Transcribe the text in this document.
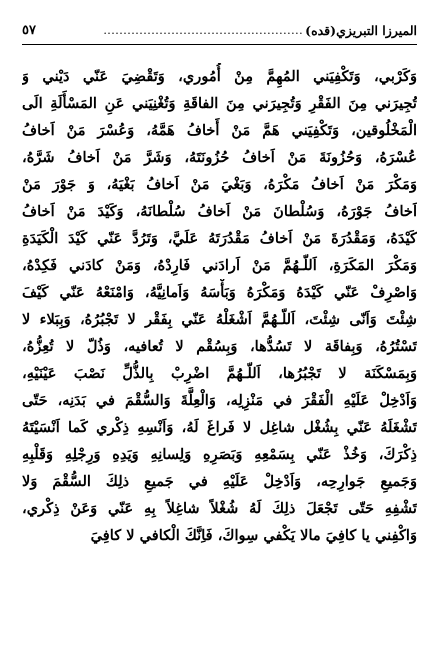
الميرزا التبريزي(قده)
..................................................
٥٧
وَكَرْبي، وَتَكْفِيَني المُهِمَّ مِنْ أُمُوري، وَتَقْضِيَ عَنّي دَيْني وَ
تُجِيرَني مِنَ الفَقْرِ وَتُجِيرَني مِنَ الفاقَةِ وَتُغْنِيَني عَنِ المَسْأَلَةِ الَى
الْمَخْلُوقين، وَتَكْفِيَني هَمَّ مَنْ أَخافُ هَمَّهُ، وَعُسْرَ مَنْ اَخافُ
عُسْرَهُ، وَحُزُونَةَ مَنْ اَخافُ حُزُونَتَهُ، وَشَرَّ مَنْ اَخافُ شَرَّهُ،
وَمَكْرَ مَنْ اَخافُ مَكْرَهُ، وَبَغْيَ مَنْ اَخافُ بَغْيَهُ، وَ جَوْرَ مَنْ
اَخافُ جَوْرَهُ، وَسُلْطانَ مَنْ اَخافُ سُلْطانَهُ، وَكَيْدَ مَنْ اَخافُ
كَيْدَهُ، وَمَقْدُرَةَ مَنْ اَخافُ مَقْدُرَتَهُ عَلَيَّ، وَتَرُدَّ عَنّي كَيْدَ الْكَيَدَةِ
وَمَكْرَ المَكَرَةِ، اَللّـهُمَّ مَنْ اَرادَني فَارِدْهُ، وَمَنْ كادَني فَكِدْهُ،
وَاصْرِفْ عَنّي كَيْدَهُ وَمَكْرَهُ وَبَأْسَهُ وَاَمانِيَّهُ، وَامْنَعْهُ عَنّي كَيْفَ
شِئْتَ وَاَنّى شِئْتَ، اَللّـهُمَّ اَشْغَلْهُ عَنّي بِفَقْر لا تَجْبُرُهُ، وَبِبَلاء لا
تَسْتُرُهُ، وَبِفاقَة لا تَسُدُّها، وَبِسُقْم لا تُعافيه، وَذُلّ لا تُعِزُّهُ،
وَبِمَسْكَنَة لا تَجْبُرُها، اَللّـهُمَّ اضْرِبْ بِالذُّلِّ نَصْبَ عَيْنَيْهِ،
وَاَدْخِلْ عَلَيْهِ الْفَقْرَ في مَنْزِلِه، وَالْعِلَّةَ وَالسُّقْمَ في بَدَنِه، حَتّى
تَشْغَلَهُ عَنّي بِشُغْل شاغِل لا فَراغَ لَهُ، وَاَنْسِهِ ذِكْري كَما اَنْسَيْتَهُ
ذِكْرَكَ، وَخُذْ عَنّي بِسَمْعِهِ وَبَصَرِهِ وَلِسانِهِ وَيَدِهِ وَرِجْلِهِ وَقَلْبِهِ
وَجَميعِ جَوارِحِه، وَاَدْخِلْ عَلَيْهِ في جَميعِ ذلِكَ السُّقْمَ وَلا
تَشْفِهِ حَتّى تَجْعَلَ ذلِكَ لَهُ شُغْلاً شاغِلاً بِهِ عَنّي وَعَنْ ذِكْري،
وَاكْفِني يا كافِيَ مالا يَكْفي سِواكَ، فَاِنَّكَ الْكافي لا كافِيَ
